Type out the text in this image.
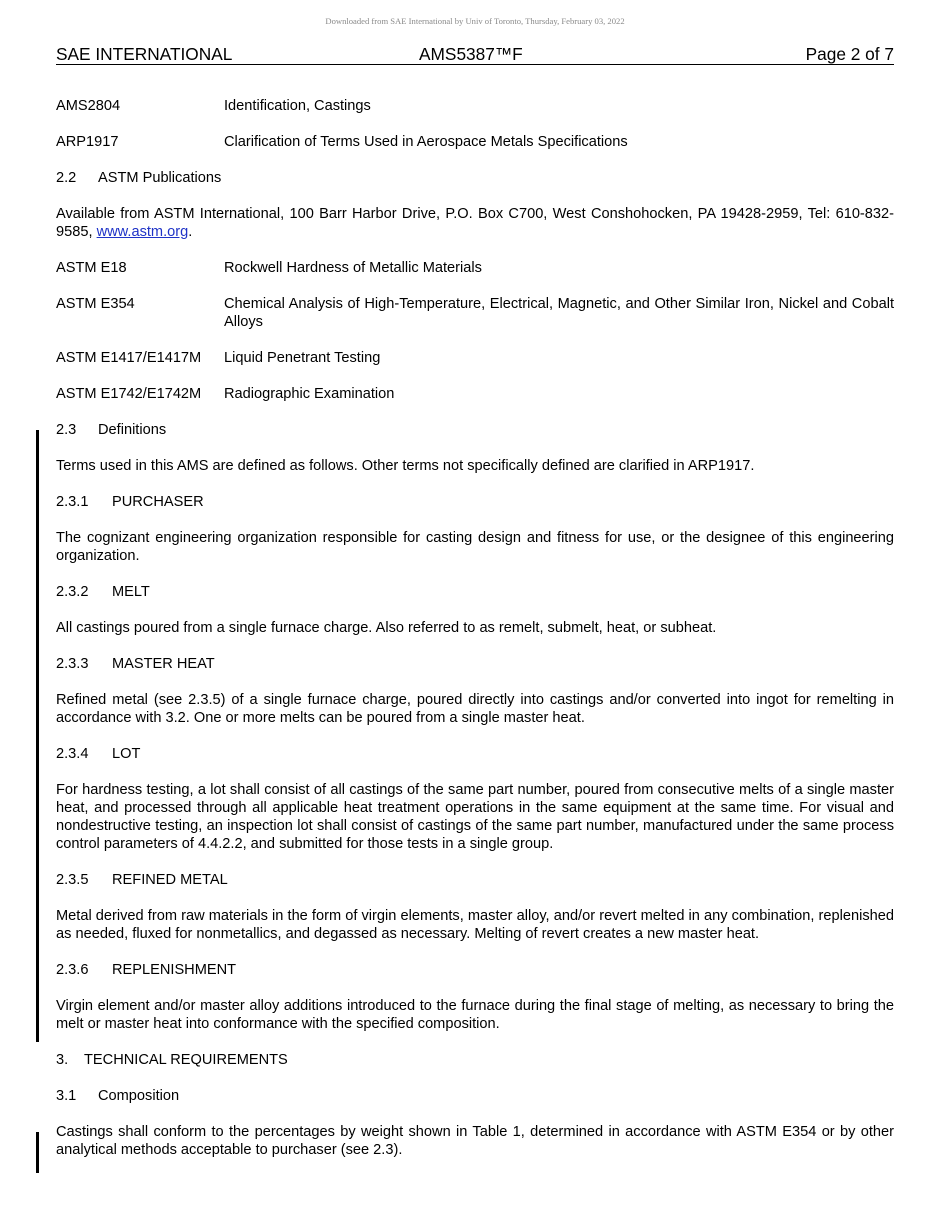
Downloaded from SAE International by Univ of Toronto, Thursday, February 03, 2022
SAE INTERNATIONAL	AMS5387™F	Page 2 of 7
AMS2804	Identification, Castings
ARP1917	Clarification of Terms Used in Aerospace Metals Specifications
2.2 ASTM Publications
Available from ASTM International, 100 Barr Harbor Drive, P.O. Box C700, West Conshohocken, PA 19428-2959, Tel: 610-832-9585, www.astm.org.
ASTM E18	Rockwell Hardness of Metallic Materials
ASTM E354	Chemical Analysis of High-Temperature, Electrical, Magnetic, and Other Similar Iron, Nickel and Cobalt Alloys
ASTM E1417/E1417M	Liquid Penetrant Testing
ASTM E1742/E1742M	Radiographic Examination
2.3 Definitions
Terms used in this AMS are defined as follows. Other terms not specifically defined are clarified in ARP1917.
2.3.1 PURCHASER
The cognizant engineering organization responsible for casting design and fitness for use, or the designee of this engineering organization.
2.3.2 MELT
All castings poured from a single furnace charge. Also referred to as remelt, submelt, heat, or subheat.
2.3.3 MASTER HEAT
Refined metal (see 2.3.5) of a single furnace charge, poured directly into castings and/or converted into ingot for remelting in accordance with 3.2. One or more melts can be poured from a single master heat.
2.3.4 LOT
For hardness testing, a lot shall consist of all castings of the same part number, poured from consecutive melts of a single master heat, and processed through all applicable heat treatment operations in the same equipment at the same time. For visual and nondestructive testing, an inspection lot shall consist of castings of the same part number, manufactured under the same process control parameters of 4.4.2.2, and submitted for those tests in a single group.
2.3.5 REFINED METAL
Metal derived from raw materials in the form of virgin elements, master alloy, and/or revert melted in any combination, replenished as needed, fluxed for nonmetallics, and degassed as necessary. Melting of revert creates a new master heat.
2.3.6 REPLENISHMENT
Virgin element and/or master alloy additions introduced to the furnace during the final stage of melting, as necessary to bring the melt or master heat into conformance with the specified composition.
3. TECHNICAL REQUIREMENTS
3.1 Composition
Castings shall conform to the percentages by weight shown in Table 1, determined in accordance with ASTM E354 or by other analytical methods acceptable to purchaser (see 2.3).
